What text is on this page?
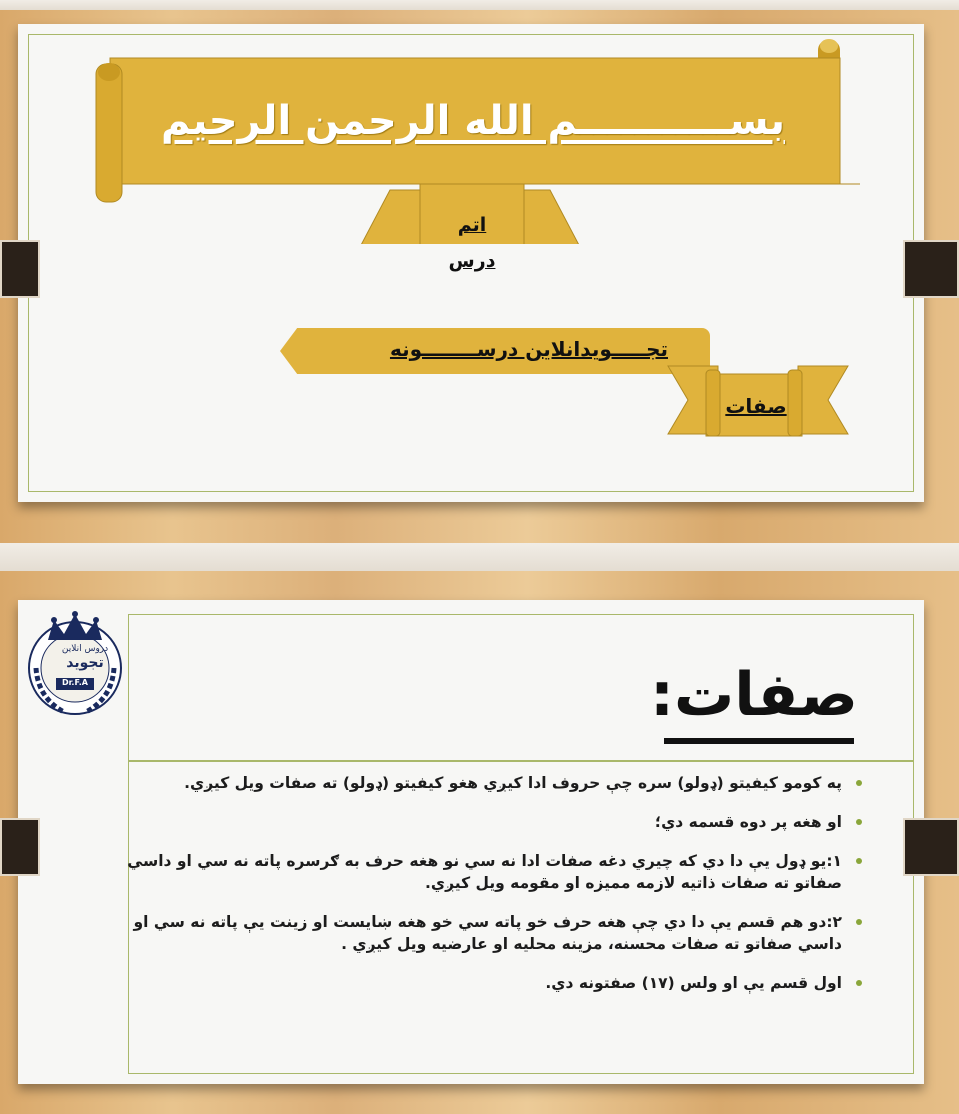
بســـــــــــم الله الرحمن الرحيم
اتم
درس
تجـــــویدانلاین درســــــــونه
صفات
دروس انلاین
تجوید
Dr.F.A	صفات:
په کومو کیفیتو (ډولو) سره چې حروف ادا کیږي هغو کیفیتو (ډولو) ته صفات ویل کیږي.
او هغه پر دوه قسمه دي؛
۱:یو ډول یې دا دي که چیري دغه صفات ادا نه سي نو هغه حرف به ګرسره پاته نه سي او داسي صفاتو ته صفات ذاتیه لازمه ممیزه او مقومه ویل کیږي.
۲:دو هم قسم یې دا دي چې هغه حرف خو پاته سي خو هغه ښایست او زینت یې پاته نه سي او داسي صفاتو ته صفات محسنه، مزینه محلیه او عارضیه ویل کیږي .
اول قسم یې او ولس (۱۷) صفتونه دي.
